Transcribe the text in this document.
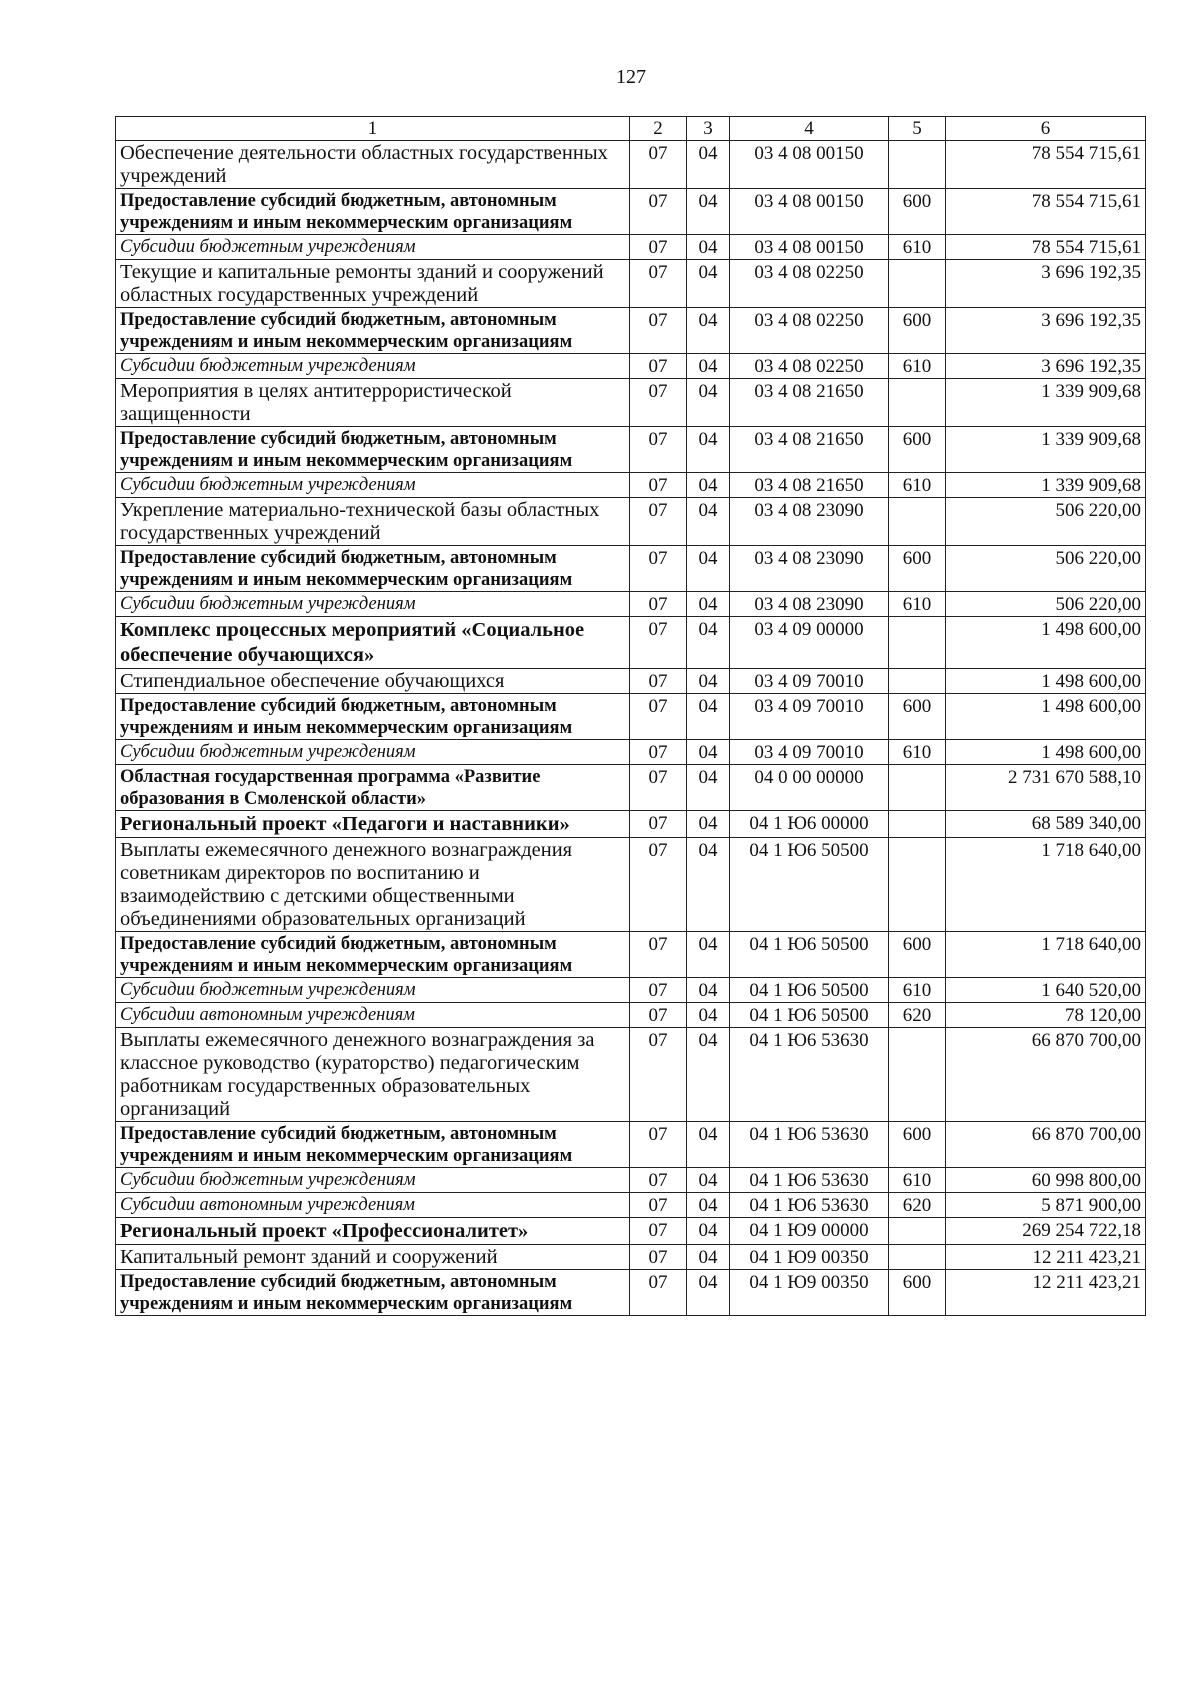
127
1	2	3	4	5	6
Обеспечение деятельности областных государственных учреждений	07	04	03 4 08 00150		78 554 715,61
Предоставление субсидий бюджетным, автономным учреждениям и иным некоммерческим организациям	07	04	03 4 08 00150	600	78 554 715,61
Субсидии бюджетным учреждениям	07	04	03 4 08 00150	610	78 554 715,61
Текущие и капитальные ремонты зданий и сооружений областных государственных учреждений	07	04	03 4 08 02250		3 696 192,35
Предоставление субсидий бюджетным, автономным учреждениям и иным некоммерческим организациям	07	04	03 4 08 02250	600	3 696 192,35
Субсидии бюджетным учреждениям	07	04	03 4 08 02250	610	3 696 192,35
Мероприятия в целях антитеррористической защищенности	07	04	03 4 08 21650		1 339 909,68
Предоставление субсидий бюджетным, автономным учреждениям и иным некоммерческим организациям	07	04	03 4 08 21650	600	1 339 909,68
Субсидии бюджетным учреждениям	07	04	03 4 08 21650	610	1 339 909,68
Укрепление материально-технической базы областных государственных учреждений	07	04	03 4 08 23090		506 220,00
Предоставление субсидий бюджетным, автономным учреждениям и иным некоммерческим организациям	07	04	03 4 08 23090	600	506 220,00
Субсидии бюджетным учреждениям	07	04	03 4 08 23090	610	506 220,00
Комплекс процессных мероприятий «Социальное обеспечение обучающихся»	07	04	03 4 09 00000		1 498 600,00
Стипендиальное обеспечение обучающихся	07	04	03 4 09 70010		1 498 600,00
Предоставление субсидий бюджетным, автономным учреждениям и иным некоммерческим организациям	07	04	03 4 09 70010	600	1 498 600,00
Субсидии бюджетным учреждениям	07	04	03 4 09 70010	610	1 498 600,00
Областная государственная программа «Развитие образования в Смоленской области»	07	04	04 0 00 00000		2 731 670 588,10
Региональный проект «Педагоги и наставники»	07	04	04 1 Ю6 00000		68 589 340,00
Выплаты ежемесячного денежного вознаграждения советникам директоров по воспитанию и взаимодействию с детскими общественными объединениями образовательных организаций	07	04	04 1 Ю6 50500		1 718 640,00
Предоставление субсидий бюджетным, автономным учреждениям и иным некоммерческим организациям	07	04	04 1 Ю6 50500	600	1 718 640,00
Субсидии бюджетным учреждениям	07	04	04 1 Ю6 50500	610	1 640 520,00
Субсидии автономным учреждениям	07	04	04 1 Ю6 50500	620	78 120,00
Выплаты ежемесячного денежного вознаграждения за классное руководство (кураторство) педагогическим работникам государственных образовательных организаций	07	04	04 1 Ю6 53630		66 870 700,00
Предоставление субсидий бюджетным, автономным учреждениям и иным некоммерческим организациям	07	04	04 1 Ю6 53630	600	66 870 700,00
Субсидии бюджетным учреждениям	07	04	04 1 Ю6 53630	610	60 998 800,00
Субсидии автономным учреждениям	07	04	04 1 Ю6 53630	620	5 871 900,00
Региональный проект «Профессионалитет»	07	04	04 1 Ю9 00000		269 254 722,18
Капитальный ремонт зданий и сооружений	07	04	04 1 Ю9 00350		12 211 423,21
Предоставление субсидий бюджетным, автономным учреждениям и иным некоммерческим организациям	07	04	04 1 Ю9 00350	600	12 211 423,21
